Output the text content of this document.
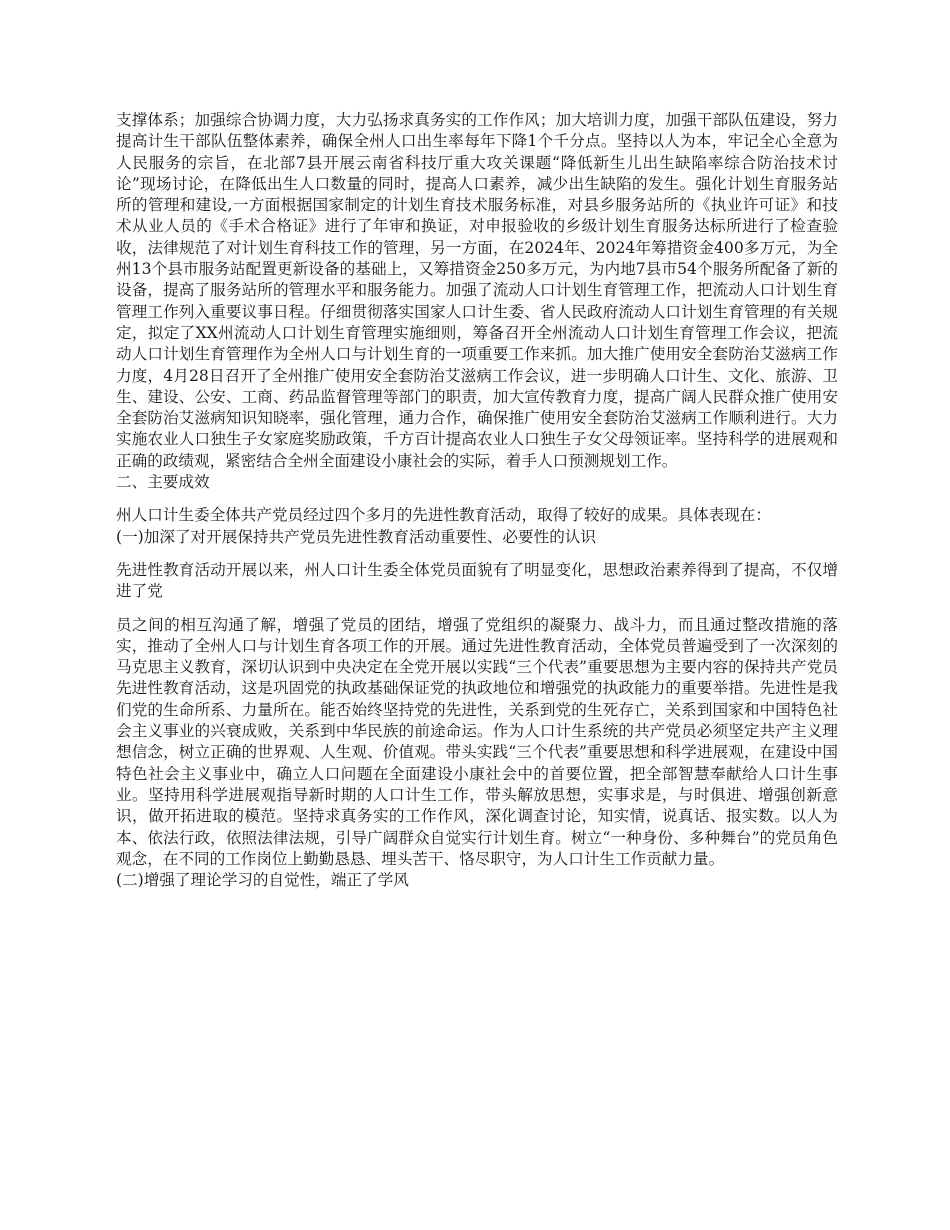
支撑体系；加强综合协调力度，大力弘扬求真务实的工作作风；加大培训力度，加强干部队伍建设，努力提高计生干部队伍整体素养，确保全州人口出生率每年下降1个千分点。坚持以人为本，牢记全心全意为人民服务的宗旨，在北部7县开展云南省科技厅重大攻关课题“降低新生儿出生缺陷率综合防治技术讨论”现场讨论，在降低出生人口数量的同时，提高人口素养，减少出生缺陷的发生。强化计划生育服务站所的管理和建设,一方面根据国家制定的计划生育技术服务标准，对县乡服务站所的《执业许可证》和技术从业人员的《手术合格证》进行了年审和换证，对申报验收的乡级计划生育服务达标所进行了检查验收，法律规范了对计划生育科技工作的管理，另一方面，在2024年、2024年筹措资金400多万元，为全州13个县市服务站配置更新设备的基础上，又筹措资金250多万元，为内地7县市54个服务所配备了新的设备，提高了服务站所的管理水平和服务能力。加强了流动人口计划生育管理工作，把流动人口计划生育管理工作列入重要议事日程。仔细贯彻落实国家人口计生委、省人民政府流动人口计划生育管理的有关规定，拟定了XX州流动人口计划生育管理实施细则，筹备召开全州流动人口计划生育管理工作会议，把流动人口计划生育管理作为全州人口与计划生育的一项重要工作来抓。加大推广使用安全套防治艾滋病工作力度，4月28日召开了全州推广使用安全套防治艾滋病工作会议，进一步明确人口计生、文化、旅游、卫生、建设、公安、工商、药品监督管理等部门的职责，加大宣传教育力度，提高广阔人民群众推广使用安全套防治艾滋病知识知晓率，强化管理，通力合作，确保推广使用安全套防治艾滋病工作顺利进行。大力实施农业人口独生子女家庭奖励政策，千方百计提高农业人口独生子女父母领证率。坚持科学的进展观和正确的政绩观，紧密结合全州全面建设小康社会的实际，着手人口预测规划工作。

二、主要成效

州人口计生委全体共产党员经过四个多月的先进性教育活动，取得了较好的成果。具体表现在：

(一)加深了对开展保持共产党员先进性教育活动重要性、必要性的认识

先进性教育活动开展以来，州人口计生委全体党员面貌有了明显变化，思想政治素养得到了提高，不仅增进了党

员之间的相互沟通了解，增强了党员的团结，增强了党组织的凝聚力、战斗力，而且通过整改措施的落实，推动了全州人口与计划生育各项工作的开展。通过先进性教育活动，全体党员普遍受到了一次深刻的马克思主义教育，深切认识到中央决定在全党开展以实践“三个代表”重要思想为主要内容的保持共产党员先进性教育活动，这是巩固党的执政基础保证党的执政地位和增强党的执政能力的重要举措。先进性是我们党的生命所系、力量所在。能否始终坚持党的先进性，关系到党的生死存亡，关系到国家和中国特色社会主义事业的兴衰成败，关系到中华民族的前途命运。作为人口计生系统的共产党员必须坚定共产主义理想信念，树立正确的世界观、人生观、价值观。带头实践“三个代表”重要思想和科学进展观，在建设中国特色社会主义事业中，确立人口问题在全面建设小康社会中的首要位置，把全部智慧奉献给人口计生事业。坚持用科学进展观指导新时期的人口计生工作，带头解放思想，实事求是，与时俱进、增强创新意识，做开拓进取的模范。坚持求真务实的工作作风，深化调查讨论，知实情，说真话、报实数。以人为本、依法行政，依照法律法规，引导广阔群众自觉实行计划生育。树立“一种身份、多种舞台”的党员角色观念，在不同的工作岗位上勤勤恳恳、埋头苦干、恪尽职守，为人口计生工作贡献力量。

(二)增强了理论学习的自觉性，端正了学风
